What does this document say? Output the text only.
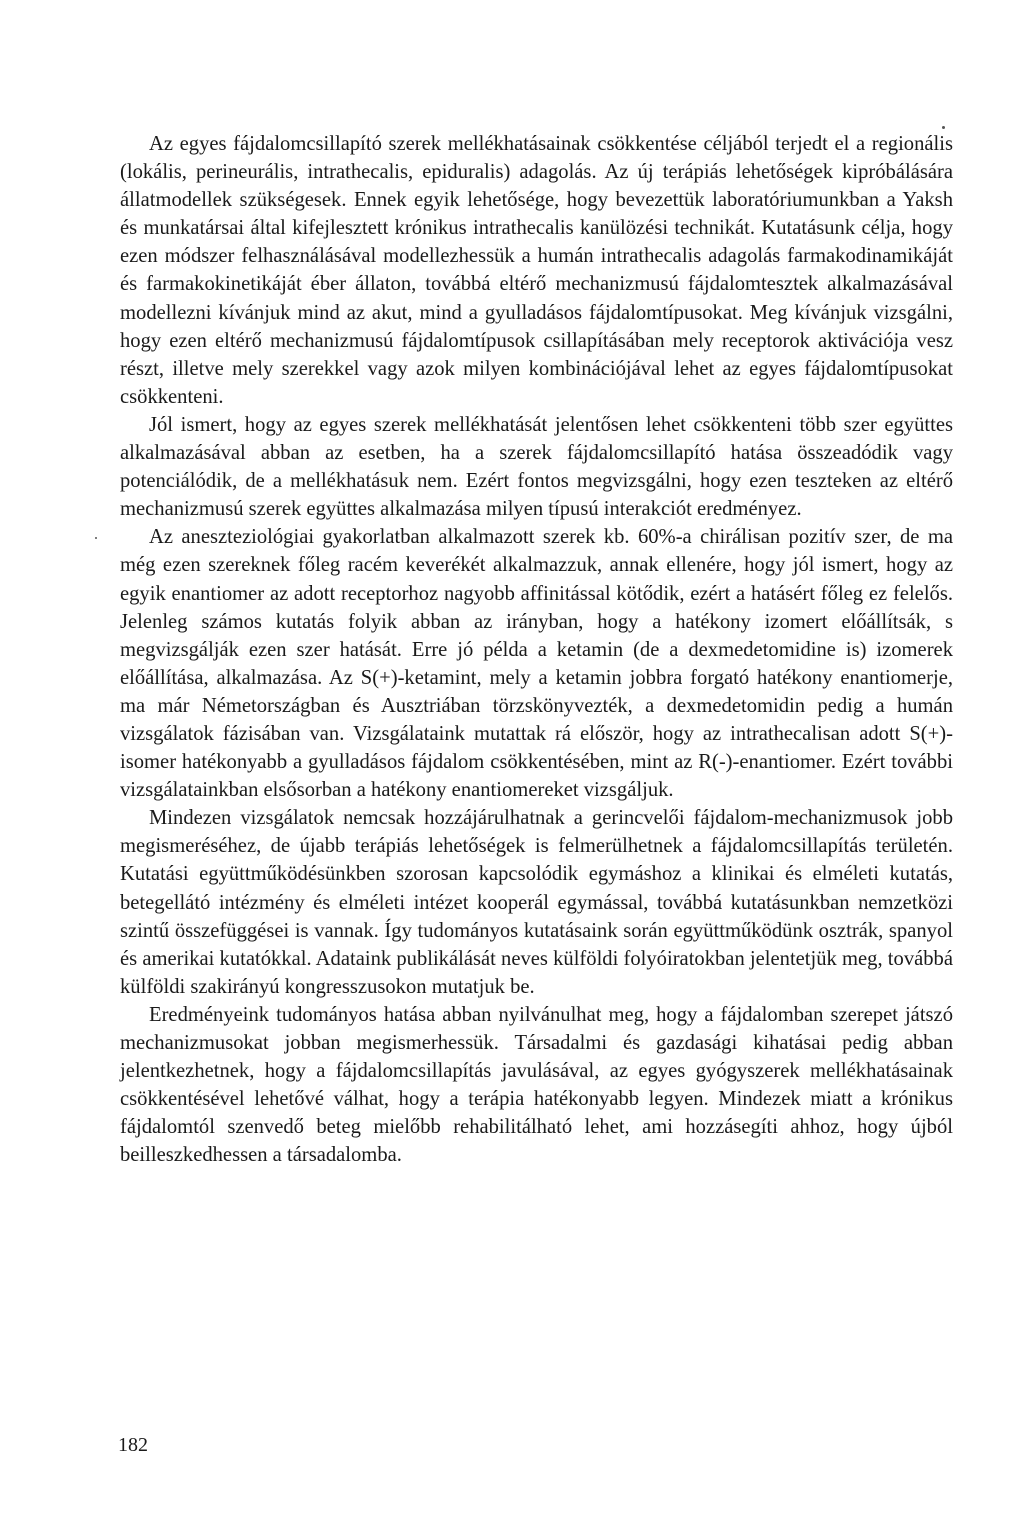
Az egyes fájdalomcsillapító szerek mellékhatásainak csökkentése céljából terjedt el a regionális (lokális, perineurális, intrathecalis, epiduralis) adagolás. Az új terápiás lehetőségek kipróbálására állatmodellek szükségesek. Ennek egyik lehetősége, hogy bevezettük laboratóriumunkban a Yaksh és munkatársai által kifejlesztett krónikus intrathecalis kanülözési technikát. Kutatásunk célja, hogy ezen módszer felhasználásával modellezhessük a humán intrathecalis adagolás farmakodinamikáját és farmakokinetikáját éber állaton, továbbá eltérő mechanizmusú fájdalomtesztek alkalmazásával modellezni kívánjuk mind az akut, mind a gyulladásos fájdalomtípusokat. Meg kívánjuk vizsgálni, hogy ezen eltérő mechanizmusú fájdalomtípusok csillapításában mely receptorok aktivációja vesz részt, illetve mely szerekkel vagy azok milyen kombinációjával lehet az egyes fájdalomtípusokat csökkenteni.

Jól ismert, hogy az egyes szerek mellékhatását jelentősen lehet csökkenteni több szer együttes alkalmazásával abban az esetben, ha a szerek fájdalomcsillapító hatása összeadódik vagy potenciálódik, de a mellékhatásuk nem. Ezért fontos megvizsgálni, hogy ezen teszteken az eltérő mechanizmusú szerek együttes alkalmazása milyen típusú interakciót eredményez.

Az aneszteziológiai gyakorlatban alkalmazott szerek kb. 60%-a chirálisan pozitív szer, de ma még ezen szereknek főleg racém keverékét alkalmazzuk, annak ellenére, hogy jól ismert, hogy az egyik enantiomer az adott receptorhoz nagyobb affinitással kötődik, ezért a hatásért főleg ez felelős. Jelenleg számos kutatás folyik abban az irányban, hogy a hatékony izomert előállítsák, s megvizsgálják ezen szer hatását. Erre jó példa a ketamin (de a dexmedetomidine is) izomerek előállítása, alkalmazása. Az S(+)-ketamint, mely a ketamin jobbra forgató hatékony enantiomerje, ma már Németországban és Ausztriában törzskönyvezték, a dexmedetomidin pedig a humán vizsgálatok fázisában van. Vizsgálataink mutattak rá először, hogy az intrathecalisan adott S(+)-isomer hatékonyabb a gyulladásos fájdalom csökkentésében, mint az R(-)-enantiomer. Ezért további vizsgálatainkban elsősorban a hatékony enantiomereket vizsgáljuk.

Mindezen vizsgálatok nemcsak hozzájárulhatnak a gerincvelői fájdalom-mechanizmusok jobb megismeréséhez, de újabb terápiás lehetőségek is felmerülhetnek a fájdalomcsillapítás területén. Kutatási együttműködésünkben szorosan kapcsolódik egymáshoz a klinikai és elméleti kutatás, betegellátó intézmény és elméleti intézet kooperál egymással, továbbá kutatásunkban nemzetközi szintű összefüggései is vannak. Így tudományos kutatásaink során együttműködünk osztrák, spanyol és amerikai kutatókkal. Adataink publikálását neves külföldi folyóiratokban jelentetjük meg, továbbá külföldi szakirányú kongresszusokon mutatjuk be.

Eredményeink tudományos hatása abban nyilvánulhat meg, hogy a fájdalomban szerepet játszó mechanizmusokat jobban megismerhessük. Társadalmi és gazdasági kihatásai pedig abban jelentkezhetnek, hogy a fájdalomcsillapítás javulásával, az egyes gyógyszerek mellékhatásainak csökkentésével lehetővé válhat, hogy a terápia hatékonyabb legyen. Mindezek miatt a krónikus fájdalomtól szenvedő beteg mielőbb rehabilitálható lehet, ami hozzásegíti ahhoz, hogy újból beilleszkedhessen a társadalomba.

182
